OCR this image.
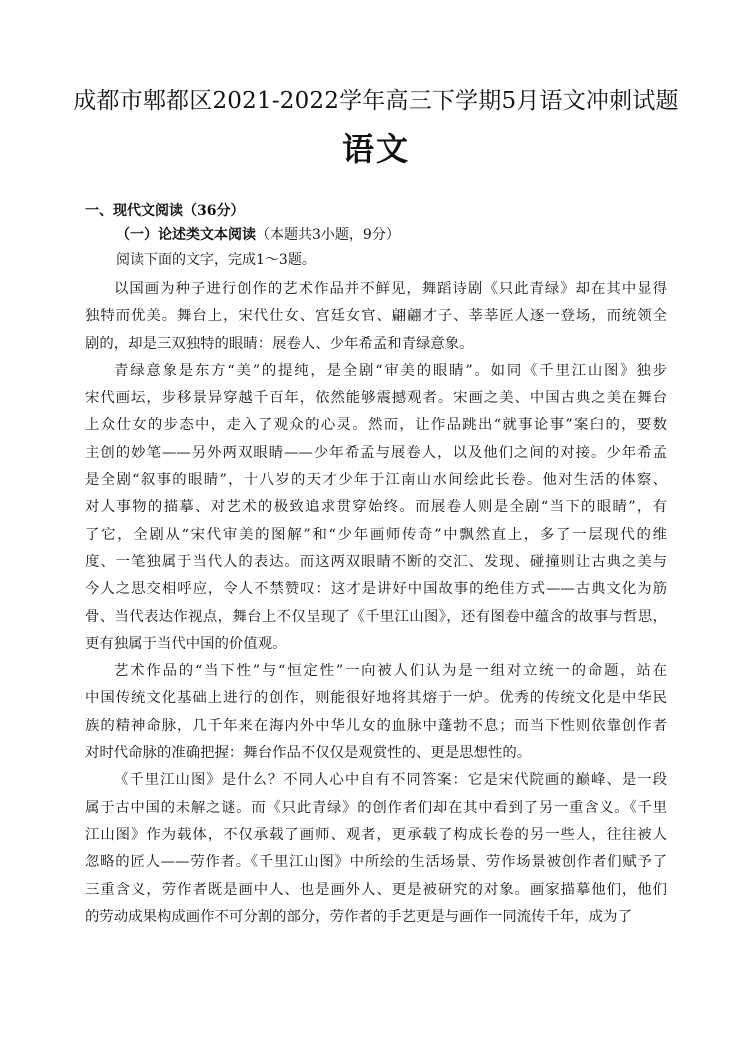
成都市郫都区2021-2022学年高三下学期5月语文冲刺试题
语文
一、现代文阅读（36分）
（一）论述类文本阅读（本题共3小题，9分）
阅读下面的文字，完成1～3题。
以国画为种子进行创作的艺术作品并不鲜见，舞蹈诗剧《只此青绿》却在其中显得
独特而优美。舞台上，宋代仕女、宫廷女官、翩翩才子、莘莘匠人逐一登场，而统领全
剧的，却是三双独特的眼睛：展卷人、少年希孟和青绿意象。
青绿意象是东方“美”的提纯，是全剧“审美的眼睛”。如同《千里江山图》独步
宋代画坛，步移景异穿越千百年，依然能够震撼观者。宋画之美、中国古典之美在舞台
上众仕女的步态中，走入了观众的心灵。然而，让作品跳出“就事论事”案臼的，要数
主创的妙笔——另外两双眼睛——少年希孟与展卷人，以及他们之间的对接。少年希孟
是全剧“叙事的眼睛”，十八岁的天才少年于江南山水间绘此长卷。他对生活的体察、
对人事物的描摹、对艺术的极致追求贯穿始终。而展卷人则是全剧“当下的眼睛”，有
了它，全剧从“宋代审美的图解”和“少年画师传奇”中飘然直上，多了一层现代的维
度、一笔独属于当代人的表达。而这两双眼睛不断的交汇、发现、碰撞则让古典之美与
今人之思交相呼应，令人不禁赞叹：这才是讲好中国故事的绝佳方式——古典文化为筋
骨、当代表达作视点，舞台上不仅呈现了《千里江山图》，还有图卷中蕴含的故事与哲思，
更有独属于当代中国的价值观。
艺术作品的“当下性”与“恒定性”一向被人们认为是一组对立统一的命题，站在
中国传统文化基础上进行的创作，则能很好地将其熔于一炉。优秀的传统文化是中华民
族的精神命脉，几千年来在海内外中华儿女的血脉中蓬勃不息；而当下性则依靠创作者
对时代命脉的准确把握：舞台作品不仅仅是观赏性的、更是思想性的。
《千里江山图》是什么？不同人心中自有不同答案：它是宋代院画的巅峰、是一段
属于古中国的未解之谜。而《只此青绿》的创作者们却在其中看到了另一重含义。《千里
江山图》作为载体，不仅承载了画师、观者，更承载了构成长卷的另一些人，往往被人
忽略的匠人——劳作者。《千里江山图》中所绘的生活场景、劳作场景被创作者们赋予了
三重含义，劳作者既是画中人、也是画外人、更是被研究的对象。画家描摹他们，他们
的劳动成果构成画作不可分割的部分，劳作者的手艺更是与画作一同流传千年，成为了
